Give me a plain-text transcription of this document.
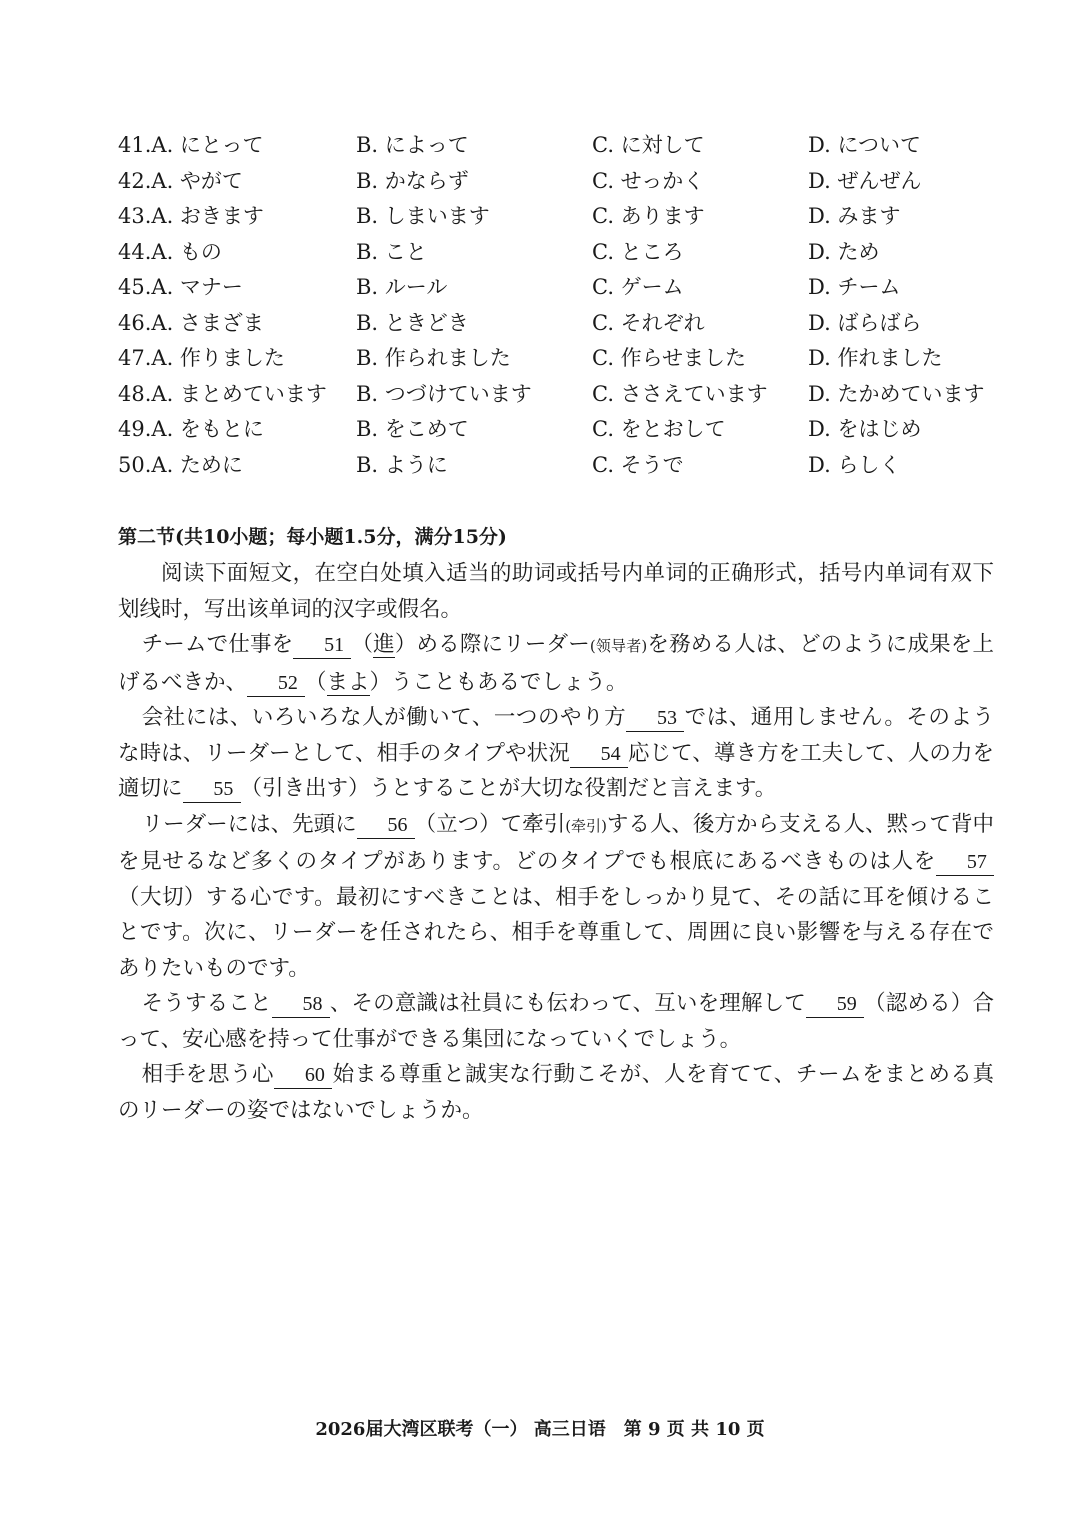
41.A. にとって	B. によって	C. に対して	D. について
42.A. やがて	B. かならず	C. せっかく	D. ぜんぜん
43.A. おきます	B. しまいます	C. あります	D. みます
44.A. もの	B. こと	C. ところ	D. ため
45.A. マナー	B. ルール	C. ゲーム	D. チーム
46.A. さまざま	B. ときどき	C. それぞれ	D. ばらばら
47.A. 作りました	B. 作られました	C. 作らせました	D. 作れました
48.A. まとめています B. つづけています	C. ささえています D. たかめています
49.A. をもとに	B. をこめて	C. をとおして	D. をはじめ
50.A. ために	B. ように	C. そうで	D. らしく
第二节(共10小题；每小题1.5分，满分15分)

阅读下面短文，在空白处填入适当的助词或括号内单词的正确形式，括号内单词有双下划线时，写出该单词的汉字或假名。

チームで仕事を 51 （進）める際にリーダー(领导者)を務める人は、どのように成果を上げるべきか、 52 （まよ）うこともあるでしょう。

会社には、いろいろな人が働いて、一つのやり方 53 では、通用しません。そのような時は、リーダーとして、相手のタイプや状況 54 応じて、導き方を工夫して、人の力を適切に 55 （引き出す）うとすることが大切な役割だと言えます。

リーダーには、先頭に 56 （立つ）て牽引(牵引)する人、後方から支える人、黙って背中を見せるなど多くのタイプがあります。どのタイプでも根底にあるべきものは人を 57（大切）する心です。最初にすべきことは、相手をしっかり見て、その話に耳を傾けることです。次に、リーダーを任されたら、相手を尊重して、周囲に良い影響を与える存在でありたいものです。

そうすること 58 、その意識は社員にも伝わって、互いを理解して 59 （認める）合って、安心感を持って仕事ができる集団になっていくでしょう。

相手を思う心 60 始まる尊重と誠実な行動こそが、人を育てて、チームをまとめる真のリーダーの姿ではないでしょうか。

2026届大湾区联考（一） 高三日语　第 9 页 共 10 页
